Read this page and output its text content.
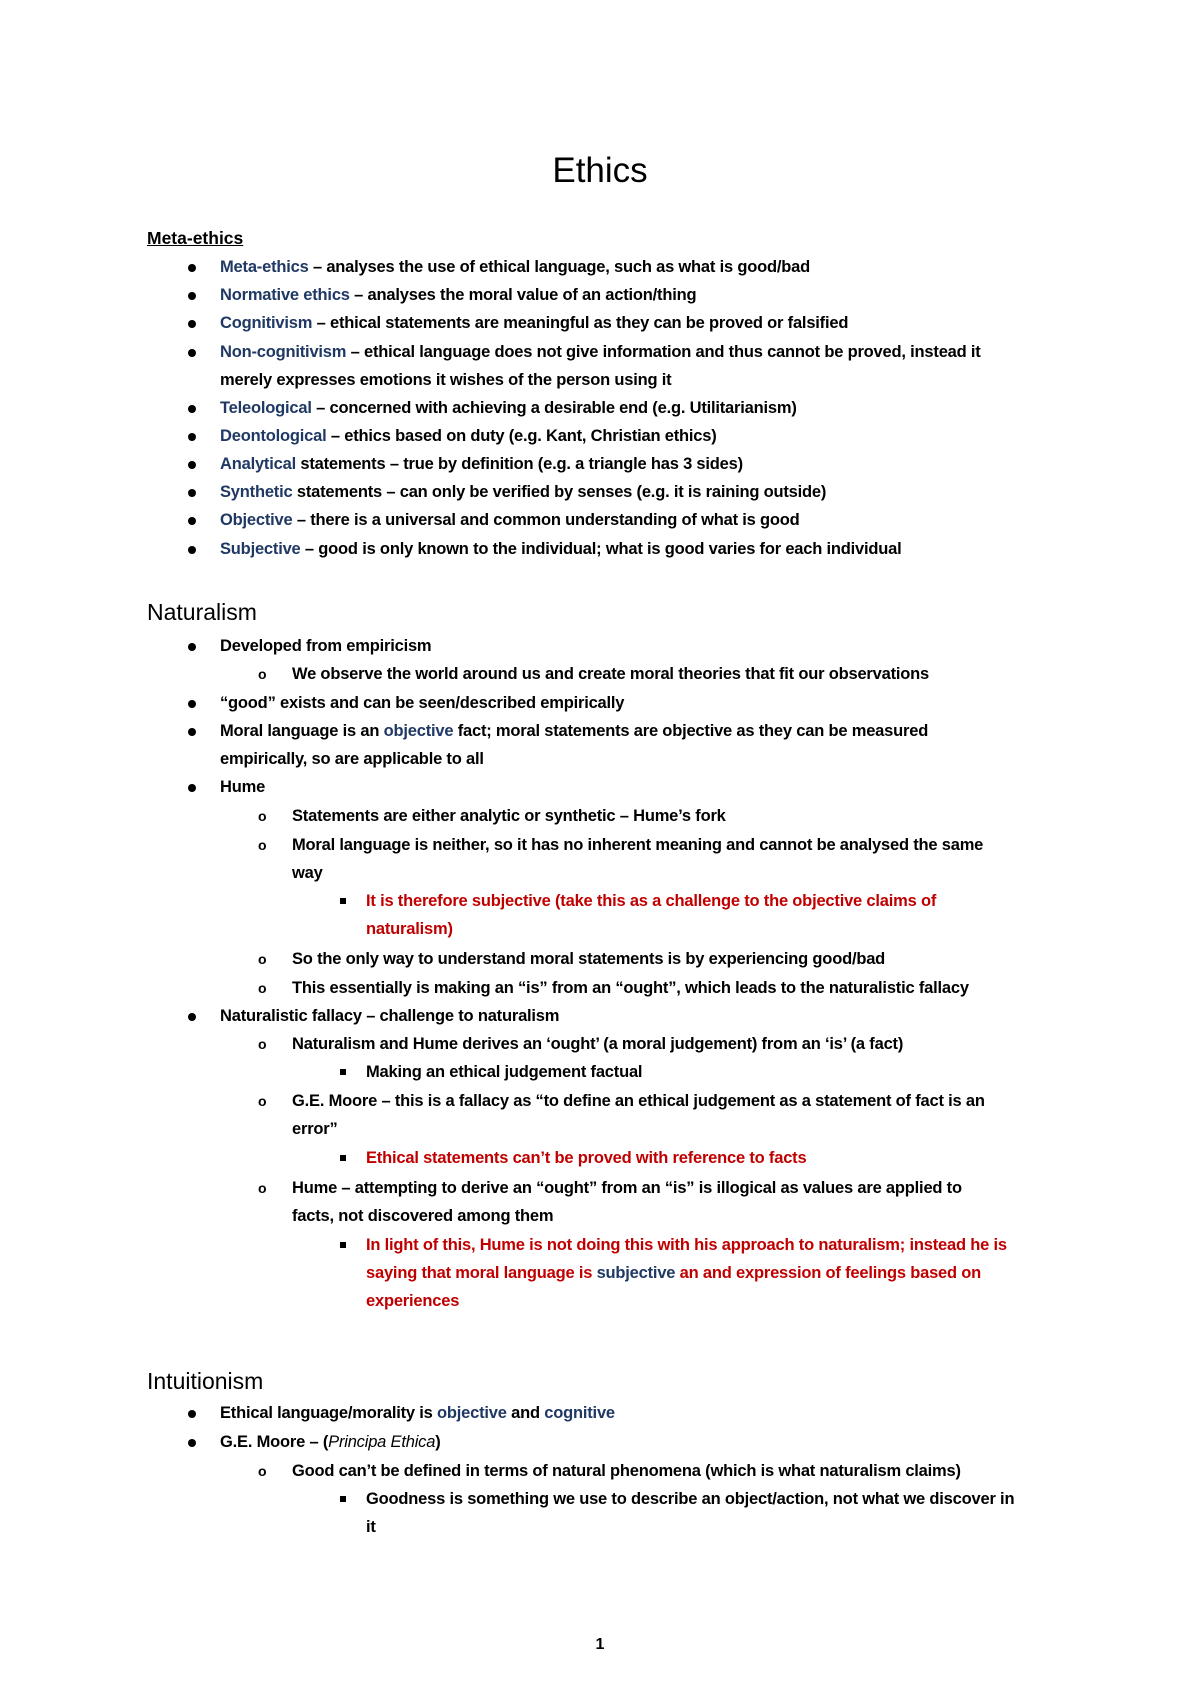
Ethics
Meta-ethics
Meta-ethics – analyses the use of ethical language, such as what is good/bad
Normative ethics – analyses the moral value of an action/thing
Cognitivism – ethical statements are meaningful as they can be proved or falsified
Non-cognitivism – ethical language does not give information and thus cannot be proved, instead it
merely expresses emotions it wishes of the person using it
Teleological – concerned with achieving a desirable end (e.g. Utilitarianism)
Deontological – ethics based on duty (e.g. Kant, Christian ethics)
Analytical statements – true by definition (e.g. a triangle has 3 sides)
Synthetic statements – can only be verified by senses (e.g. it is raining outside)
Objective – there is a universal and common understanding of what is good
Subjective – good is only known to the individual; what is good varies for each individual
Naturalism
Developed from empiricism
o We observe the world around us and create moral theories that fit our observations
“good” exists and can be seen/described empirically
Moral language is an objective fact; moral statements are objective as they can be measured
empirically, so are applicable to all
Hume
o Statements are either analytic or synthetic – Hume’s fork
o Moral language is neither, so it has no inherent meaning and cannot be analysed the same
way
It is therefore subjective (take this as a challenge to the objective claims of
naturalism)
o So the only way to understand moral statements is by experiencing good/bad
o This essentially is making an “is” from an “ought”, which leads to the naturalistic fallacy
Naturalistic fallacy – challenge to naturalism
o Naturalism and Hume derives an ‘ought’ (a moral judgement) from an ‘is’ (a fact)
Making an ethical judgement factual
o G.E. Moore – this is a fallacy as “to define an ethical judgement as a statement of fact is an
error”
Ethical statements can’t be proved with reference to facts
o Hume – attempting to derive an “ought” from an “is” is illogical as values are applied to
facts, not discovered among them
In light of this, Hume is not doing this with his approach to naturalism; instead he is
saying that moral language is subjective an and expression of feelings based on
experiences
Intuitionism
Ethical language/morality is objective and cognitive
G.E. Moore – (Principa Ethica)
o Good can’t be defined in terms of natural phenomena (which is what naturalism claims)
Goodness is something we use to describe an object/action, not what we discover in
it
1
